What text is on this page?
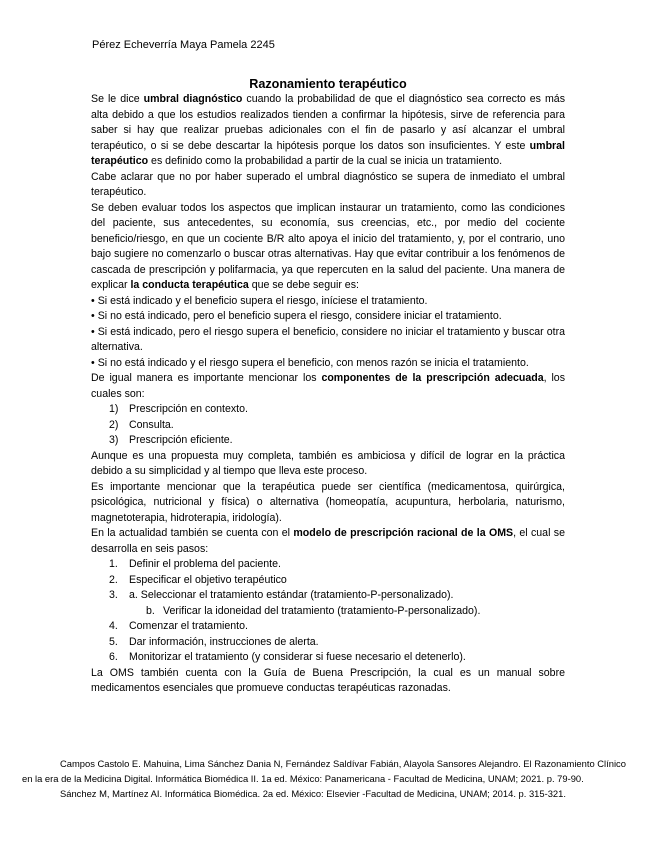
Pérez Echeverría Maya Pamela 2245
Razonamiento terapéutico

Se le dice umbral diagnóstico cuando la probabilidad de que el diagnóstico sea correcto es más alta debido a que los estudios realizados tienden a confirmar la hipótesis, sirve de referencia para saber si hay que realizar pruebas adicionales con el fin de pasarlo y así alcanzar el umbral terapéutico, o si se debe descartar la hipótesis porque los datos son insuficientes. Y este umbral terapéutico es definido como la probabilidad a partir de la cual se inicia un tratamiento.

Cabe aclarar que no por haber superado el umbral diagnóstico se supera de inmediato el umbral terapéutico.

Se deben evaluar todos los aspectos que implican instaurar un tratamiento, como las condiciones del paciente, sus antecedentes, su economía, sus creencias, etc., por medio del cociente beneficio/riesgo, en que un cociente B/R alto apoya el inicio del tratamiento, y, por el contrario, uno bajo sugiere no comenzarlo o buscar otras alternativas. Hay que evitar contribuir a los fenómenos de cascada de prescripción y polifarmacia, ya que repercuten en la salud del paciente. Una manera de explicar la conducta terapéutica que se debe seguir es:

• Si está indicado y el beneficio supera el riesgo, iníciese el tratamiento.
• Si no está indicado, pero el beneficio supera el riesgo, considere iniciar el tratamiento.
• Si está indicado, pero el riesgo supera el beneficio, considere no iniciar el tratamiento y buscar otra alternativa.
• Si no está indicado y el riesgo supera el beneficio, con menos razón se inicia el tratamiento.

De igual manera es importante mencionar los componentes de la prescripción adecuada, los cuales son:

1) Prescripción en contexto.
2) Consulta.
3) Prescripción eficiente.

Aunque es una propuesta muy completa, también es ambiciosa y difícil de lograr en la práctica debido a su simplicidad y al tiempo que lleva este proceso.

Es importante mencionar que la terapéutica puede ser científica (medicamentosa, quirúrgica, psicológica, nutricional y física) o alternativa (homeopatía, acupuntura, herbolaria, naturismo, magnetoterapia, hidroterapia, iridología).

En la actualidad también se cuenta con el modelo de prescripción racional de la OMS, el cual se desarrolla en seis pasos:

1. Definir el problema del paciente.
2. Especificar el objetivo terapéutico
3. a. Seleccionar el tratamiento estándar (tratamiento-P-personalizado).
b. Verificar la idoneidad del tratamiento (tratamiento-P-personalizado).
4. Comenzar el tratamiento.
5. Dar información, instrucciones de alerta.
6. Monitorizar el tratamiento (y considerar si fuese necesario el detenerlo).

La OMS también cuenta con la Guía de Buena Prescripción, la cual es un manual sobre medicamentos esenciales que promueve conductas terapéuticas razonadas.

Campos Castolo E. Mahuina, Lima Sánchez Dania N, Fernández Saldívar Fabián, Alayola Sansores Alejandro. El Razonamiento Clínico en la era de la Medicina Digital. Informática Biomédica II. 1a ed. México: Panamericana - Facultad de Medicina, UNAM; 2021. p. 79-90.

Sánchez M, Martínez AI. Informática Biomédica. 2a ed. México: Elsevier -Facultad de Medicina, UNAM; 2014. p. 315-321.
